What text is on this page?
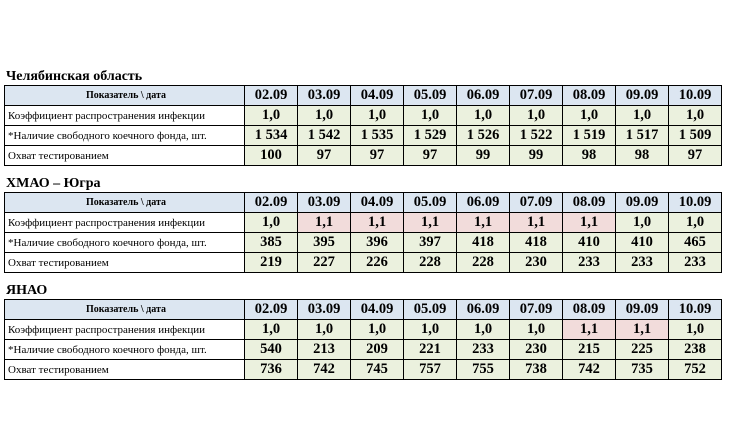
Челябинская область
Показатель \ дата	02.09	03.09	04.09	05.09	06.09	07.09	08.09	09.09	10.09
Коэффициент распространения инфекции	1,0	1,0	1,0	1,0	1,0	1,0	1,0	1,0	1,0
*Наличие свободного коечного фонда, шт.	1 534	1 542	1 535	1 529	1 526	1 522	1 519	1 517	1 509
Охват тестированием	100	97	97	97	99	99	98	98	97
ХМАО – Югра
Показатель \ дата	02.09	03.09	04.09	05.09	06.09	07.09	08.09	09.09	10.09
Коэффициент распространения инфекции	1,0	1,1	1,1	1,1	1,1	1,1	1,1	1,0	1,0
*Наличие свободного коечного фонда, шт.	385	395	396	397	418	418	410	410	465
Охват тестированием	219	227	226	228	228	230	233	233	233
ЯНАО
Показатель \ дата	02.09	03.09	04.09	05.09	06.09	07.09	08.09	09.09	10.09
Коэффициент распространения инфекции	1,0	1,0	1,0	1,0	1,0	1,0	1,1	1,1	1,0
*Наличие свободного коечного фонда, шт.	540	213	209	221	233	230	215	225	238
Охват тестированием	736	742	745	757	755	738	742	735	752
